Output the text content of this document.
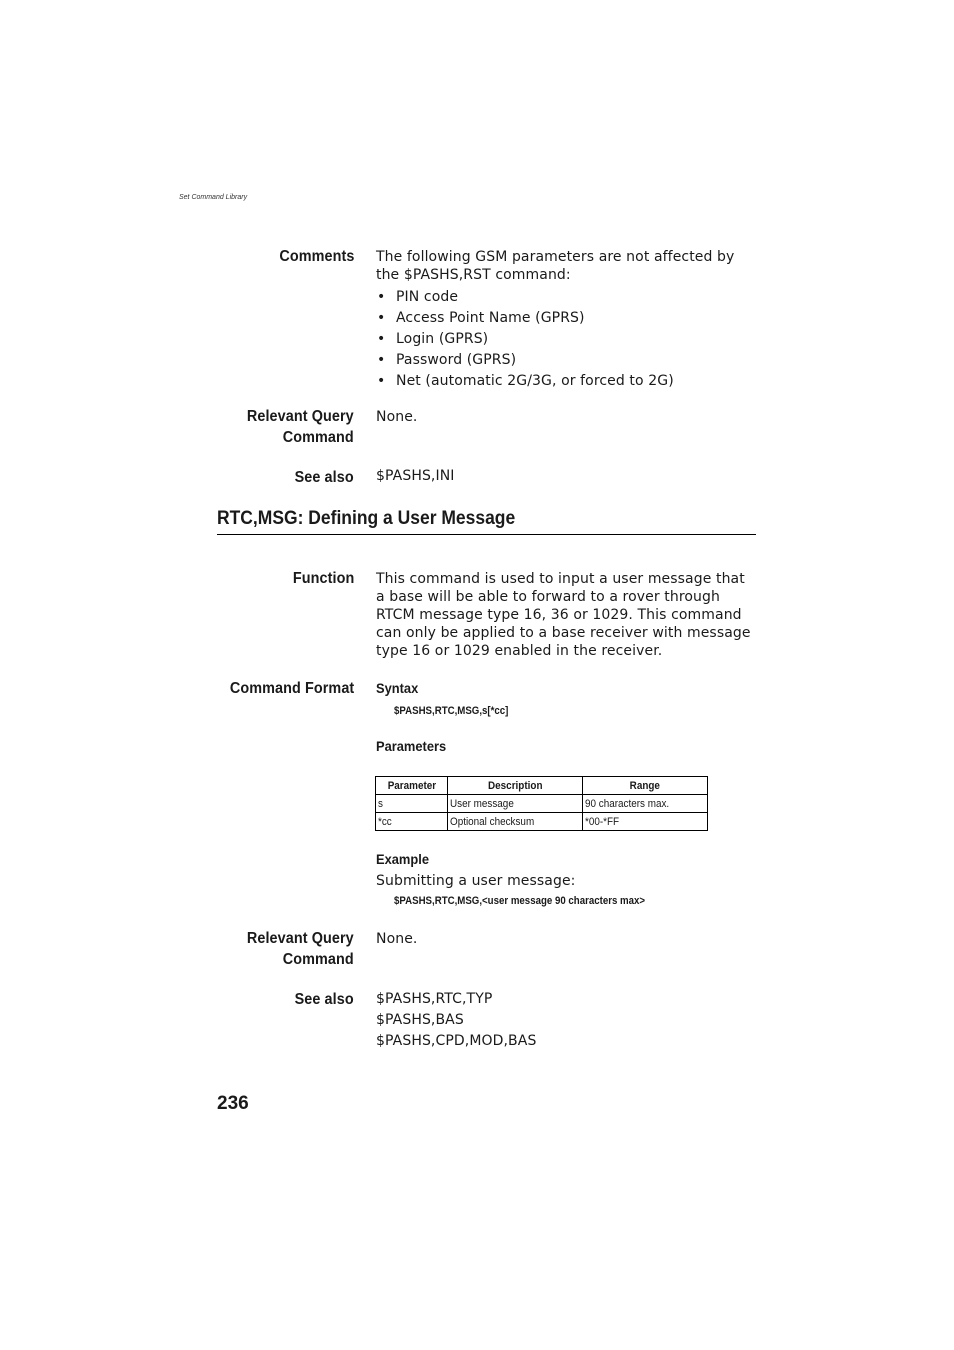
Set Command Library
Comments The following GSM parameters are not affected by the $PASHS,RST command:
• PIN code
• Access Point Name (GPRS)
• Login (GPRS)
• Password (GPRS)
• Net (automatic 2G/3G, or forced to 2G)
Relevant Query
Command
None.
See also $PASHS,INI
RTC,MSG: Defining a User Message
Function This command is used to input a user message that a base will be able to forward to a rover through RTCM message type 16, 36 or 1029. This command can only be applied to a base receiver with message type 16 or 1029 enabled in the receiver.
Command Format Syntax
$PASHS,RTC,MSG,s[*cc]
Parameters
Parameter	Description	Range
s	User message	90 characters max.
*cc	Optional checksum	*00-*FF
Example
Submitting a user message:
$PASHS,RTC,MSG,<user message 90 characters max>
Relevant Query
Command
None.
See also $PASHS,RTC,TYP
$PASHS,BAS
$PASHS,CPD,MOD,BAS
236
